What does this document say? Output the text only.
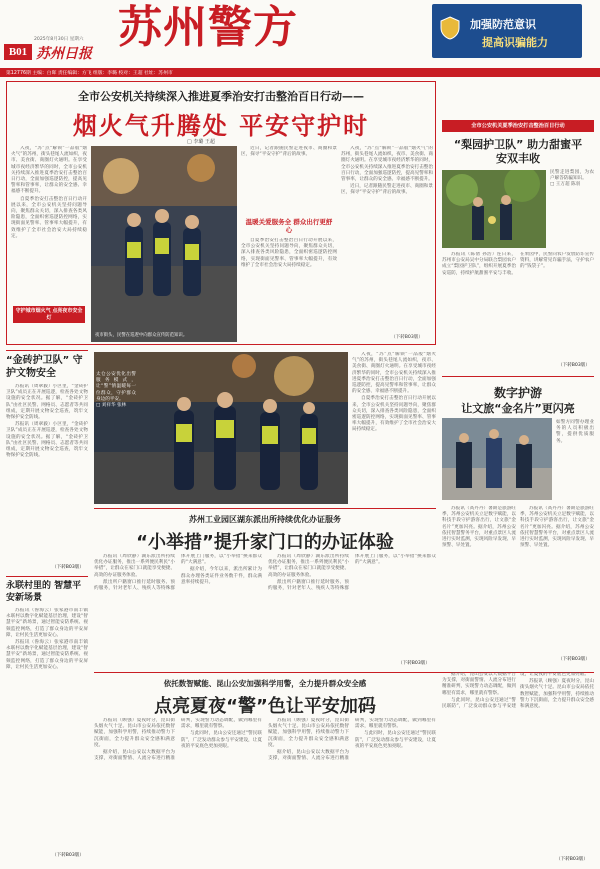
2025年8月30日 星期六
B01 苏州日报
苏州警方	加强防范意识
提高识骗能力
第12776期 主编：白晖 责任编辑：方飞 组版：李璐 校对：王超 社址：苏州市
全市公安机关持续深入推进夏季治安打击整治百日行动——
烟火气升腾处 平安守护时
□ 李璐 王超

入夜，“苏”点“解锁”一品般“烟火气”的苏州，街头巷尾人流如织，夜市、美食街、商圈灯火通明。在享受城市夜经济繁华的同时，全市公安机关持续深入推进夏季治安打击整治百日行动，全面加强巡逻防控，提高见警率和管事率，让群众的安全感、幸福感不断提升。

自夏季治安打击整治百日行动开展以来，全市公安机关坚持问题导向，聚焦群众关切，深入排查各类风险隐患，全面织密巡逻防控网络，实现街面见警率、管事率大幅提升，有效维护了全市社会治安大局持续稳定。

守护城市烟火气 点亮夜市安全灯
夜市街头，民警在巡逻中向群众宣传防范知识。

近日，记者跟随民警走进夜市、商圈和景区，探寻“平安守护”背后的故事。

温暖关爱服务全 群众出行更舒心

自夏季治安打击整治百日行动开展以来，全市公安机关坚持问题导向，聚焦群众关切，深入排查各类风险隐患，全面织密巡逻防控网络，实现街面见警率、管事率大幅提升，有效维护了全市社会治安大局持续稳定。

入夜，“苏”点“解锁”一品般“烟火气”的苏州，街头巷尾人流如织，夜市、美食街、商圈灯火通明。在享受城市夜经济繁华的同时，全市公安机关持续深入推进夏季治安打击整治百日行动，全面加强巡逻防控，提高见警率和管事率，让群众的安全感、幸福感不断提升。

近日，记者跟随民警走进夜市、商圈和景区，探寻“平安守护”背后的故事。

（下转B03版）
全市公安机关夏季治安打击整治百日行动
“梨园护卫队” 助力甜蜜平安双丰收
民警走进梨园，为农户解答防骗知识。
□ 王万超 陈羽

苏报讯（陈倩 孙浩）连日来，苏州市公安局吴中分局联合梨园农户成立“梨园护卫队”，组织开展夏季治安巡防，持续护航甜蜜平安与丰收。在果园中，民警向农户发放防诈宣传资料，讲解常见诈骗手法，守护农户的“钱袋子”。

（下转B03版）
“金砖护卫队” 守护文物安全

苏报讯（周翠毅）小区里，“金砖护卫队”成员正在开展巡逻，检查各处文物设施的安全状况。据了解，“金砖护卫队”由社区民警、网格员、志愿者等共同组成，定期开展文物安全巡查，筑牢文物保护安全防线。

苏报讯（周翠毅）小区里，“金砖护卫队”成员正在开展巡逻，检查各处文物设施的安全状况。据了解，“金砖护卫队”由社区民警、网格员、志愿者等共同组成，定期开展文物安全巡查，筑牢文物保护安全防线。

（下转B03版）
永联村里的 智慧平安新场景

苏报讯（鲁海云）张家港市南丰镇永联村以数字化赋能基层治理，建设“智慧平安”新场景，通过智能安防系统、视频监控网络，打造了群众身边的平安屏障，让村民生活更加安心。

苏报讯（鲁海云）张家港市南丰镇永联村以数字化赋能基层治理，建设“智慧平安”新场景，通过智能安防系统、视频监控网络，打造了群众身边的平安屏障，让村民生活更加安心。

（下转B03版）
太仓公安优化出警服务模式，让“警”情温暖每一位群众，守护群众身边的平安。
□ 刘祥华 张林

入夜，“苏”点“解锁”一品般“烟火气”的苏州，街头巷尾人流如织，夜市、美食街、商圈灯火通明。在享受城市夜经济繁华的同时，全市公安机关持续深入推进夏季治安打击整治百日行动，全面加强巡逻防控，提高见警率和管事率，让群众的安全感、幸福感不断提升。

自夏季治安打击整治百日行动开展以来，全市公安机关坚持问题导向，聚焦群众关切，深入排查各类风险隐患，全面织密巡逻防控网络，实现街面见警率、管事率大幅提升，有效维护了全市社会治安大局持续稳定。

数字护游
让文旅“金名片”更闪亮
如警方同警办理业务的人员积极出警，提供优质服务。

苏报讯（高丹丹）暑期是旅游旺季，苏州公安机关立足数字赋能，以科技手段守护游客出行，让文旅“金名片”更加闪亮。据介绍，苏州公安依托智慧警务平台，对重点景区人流进行实时监测，实现风险早发现、早预警、早处置。

苏报讯（高丹丹）暑期是旅游旺季，苏州公安机关立足数字赋能，以科技手段守护游客出行，让文旅“金名片”更加闪亮。据介绍，苏州公安依托智慧警务平台，对重点景区人流进行实时监测，实现风险早发现、早预警、早处置。

（下转B03版）
苏州工业园区湖东派出所持续优化办证服务
“小举措”提升家门口的办证体验

苏报讯（周欣静）湖东派出所持续优化办证服务，推出一系列便民利民“小举措”，让群众在家门口就能享受便捷、高效的办证服务体验。

派出所户籍窗口推行延时服务、预约服务，针对老年人、残疾人等特殊群体开展上门服务，以“小举措”换来群众的“大满意”。

据介绍，今年以来，派出所累计为群众办理各类证件业务数千件，群众满意率持续提升。

苏报讯（周欣静）湖东派出所持续优化办证服务，推出一系列便民利民“小举措”，让群众在家门口就能享受便捷、高效的办证服务体验。

派出所户籍窗口推行延时服务、预约服务，针对老年人、残疾人等特殊群体开展上门服务，以“小举措”换来群众的“大满意”。

（下转B03版）
依托数智赋能、昆山公安加强科学用警，全力提升群众安全感
点亮夏夜“警”色让平安加码

苏报讯（顾强）夏夜时分，昆山街头烟火气十足。昆山市公安局依托数智赋能，加强科学用警，持续推动警力下沉街面，全力提升群众安全感和满意度。

据介绍，昆山公安以大数据平台为支撑，对街面警情、人流分布进行精准研判，实现警力动态调配，做到哪里有需求，哪里就有警察。

与此同时，昆山公安还通过“警民联防”，广泛发动群众参与平安建设，让夏夜的平安底色更加亮眼。

苏报讯（顾强）夏夜时分，昆山街头烟火气十足。昆山市公安局依托数智赋能，加强科学用警，持续推动警力下沉街面，全力提升群众安全感和满意度。

据介绍，昆山公安以大数据平台为支撑，对街面警情、人流分布进行精准研判，实现警力动态调配，做到哪里有需求，哪里就有警察。

与此同时，昆山公安还通过“警民联防”，广泛发动群众参与平安建设，让夏夜的平安底色更加亮眼。

据介绍，昆山公安以大数据平台为支撑，对街面警情、人流分布进行精准研判，实现警力动态调配，做到哪里有需求，哪里就有警察。

与此同时，昆山公安还通过“警民联防”，广泛发动群众参与平安建设，让夏夜的平安底色更加亮眼。

苏报讯（顾强）夏夜时分，昆山街头烟火气十足。昆山市公安局依托数智赋能，加强科学用警，持续推动警力下沉街面，全力提升群众安全感和满意度。

（下转B03版）
